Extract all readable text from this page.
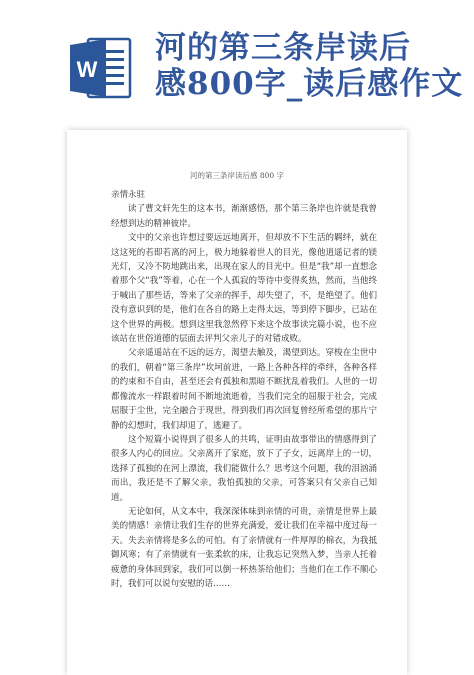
W
河的第三条岸读后
感800字_读后感作文
河的第三条岸读后感 800 字

亲情永驻

读了曹文轩先生的这本书，渐渐感悟，那个第三条岸也许就是我曾经想到达的精神彼岸。

文中的父亲也许想过要远远地离开，但却放不下生活的羁绊，就在这这死的若即若离的河上，极力地躲着世人的目光，像他逍遥记者的镁光灯，又冷不防地跳出来，出现在家人的目光中。但是“我”却一直想念着那个父“我”等着，心在一个人孤寂的等待中变得炙热，然而，当他终于喊出了那些话，等来了父亲的挥手，却失望了，不，是绝望了。他们没有意识到的是，他们在各自的路上走得太远，等到停下脚步，已站在这个世界的两极。想到这里我忽然停下来这个故事读完篇小说，也不应该站在世俗道德的层面去评判父亲儿子的对错成败。

父亲遥遥站在不远的远方，渴望去触及，渴望到达。穿梭在尘世中的我们，朝着“第三条岸”坎坷前进，一路上各种各样的牵绊，各种各样的约束和不自由，甚至还会有孤独和黑暗不断扰乱着我们。人世的一切都像流水一样跟着时间不断地流逝着，当我们完全的屈服于社会，完成屈服于尘世，完全融合于现世，得到我们再次回复曾经所希望的那片宁静的幻想时，我们却退了，逃避了。

这个短篇小说得到了很多人的共鸣，证明由故事带出的情感得到了很多人内心的回应。父亲离开了家庭，放下了子女，远离岸上的一切，选择了孤独的在河上漂流，我们能做什么？思考这个问题，我的泪汹涌而出，我还是不了解父亲，我怕孤独的父亲，可答案只有父亲自己知道。

无论如何，从文本中，我深深体味到亲情的可贵，亲情是世界上最美的情感！亲情让我们生存的世界充满爱，爱让我们在幸福中度过每一天。失去亲情将是多么的可怕。有了亲情就有一件厚厚的棉衣，为我抵御风寒；有了亲情就有一张柔软的床，让我忘记突然入梦，当亲人托着疲惫的身体回到家，我们可以倒一杯热茶给他们；当他们在工作不顺心时，我们可以说句安慰的话……
